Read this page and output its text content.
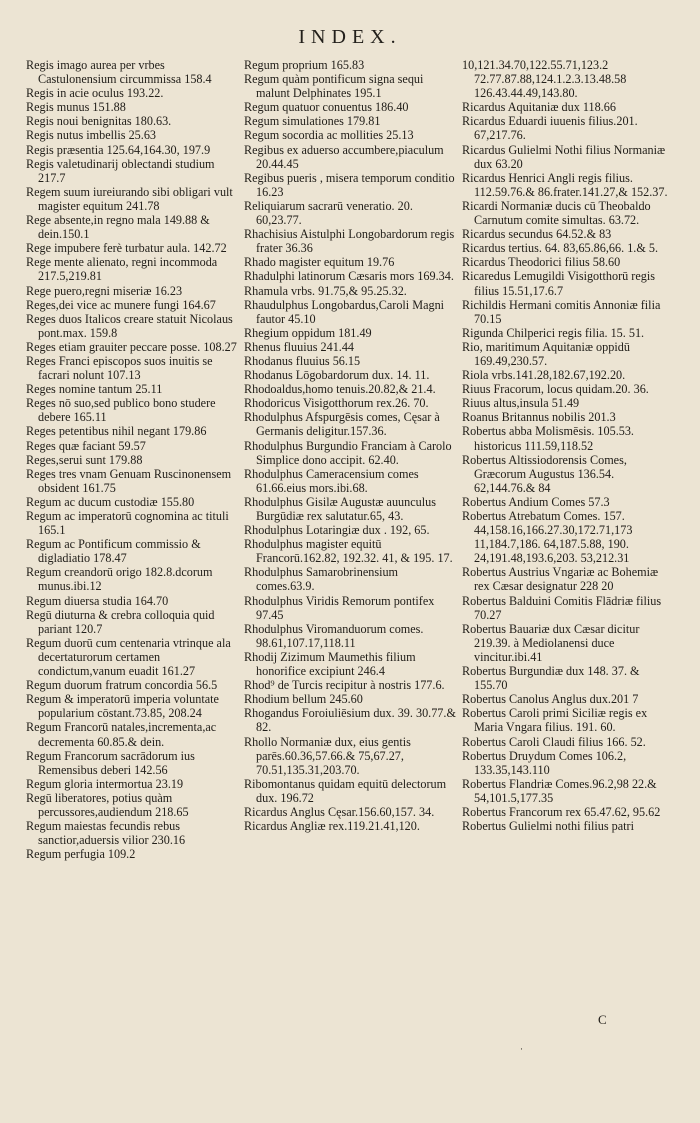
INDEX.

Regis imago aurea per vrbes Castulonensium circummissa 158.4

Regis in acie oculus 193.22.

Regis munus 151.88

Regis noui benignitas 180.63.

Regis nutus imbellis 25.63

Regis præsentia 125.64,164.30, 197.9

Regis valetudinarij oblectandi studium 217.7

Regem suum iureiurando sibi obligari vult magister equitum 241.78

Rege absente,in regno mala 149.88 & dein.150.1

Rege impubere ferè turbatur aula. 142.72

Rege mente alienato, regni incommoda 217.5,219.81

Rege puero,regni miseriæ 16.23

Reges,dei vice ac munere fungi 164.67

Reges duos Italicos creare statuit Nicolaus pont.max. 159.8

Reges etiam grauiter peccare posse. 108.27

Reges Franci episcopos suos inuitis se facrari nolunt 107.13

Reges nomine tantum 25.11

Reges nō suo,sed publico bono studere debere 165.11

Reges petentibus nihil negant 179.86

Reges quæ faciant 59.57

Reges,serui sunt 179.88

Reges tres vnam Genuam Ruscinonensem obsident 161.75

Regum ac ducum custodiæ 155.80

Regum ac imperatorū cognomina ac tituli 165.1

Regum ac Pontificum commissio & digladiatio 178.47

Regum creandorū origo 182.8.dcorum munus.ibi.12

Regum diuersa studia 164.70

Regū diuturna & crebra colloquia quid pariant 120.7

Regum duorū cum centenaria vtrinque ala decertaturorum certamen condictum,vanum euadit 161.27

Regum duorum fratrum concordia 56.5

Regum & imperatorū imperia voluntate popularium cōstant.73.85, 208.24

Regum Francorū natales,incrementa,ac decrementa 60.85.& dein.

Regum Francorum sacrādorum ius Remensibus deberi 142.56

Regum gloria intermortua 23.19

Regū liberatores, potius quàm percussores,audiendum 218.65

Regum maiestas fecundis rebus sanctior,aduersis vilior 230.16

Regum perfugia 109.2

Regum proprium 165.83

Regum quàm pontificum signa sequi malunt Delphinates 195.1

Regum quatuor conuentus 186.40

Regum simulationes 179.81

Regum socordia ac mollities 25.13

Regibus ex aduerso accumbere,piaculum 20.44.45

Regibus pueris , misera temporum conditio 16.23

Reliquiarum sacrarū veneratio. 20. 60,23.77.

Rhachisius Aistulphi Longobardorum regis frater 36.36

Rhado magister equitum 19.76

Rhadulphi latinorum Cæsaris mors 169.34.

Rhamula vrbs. 91.75,& 95.25.32.

Rhaudulphus Longobardus,Caroli Magni fautor 45.10

Rhegium oppidum 181.49

Rhenus fluuius 241.44

Rhodanus fluuius 56.15

Rhodanus Lōgobardorum dux. 14. 11.

Rhodoaldus,homo tenuis.20.82,& 21.4.

Rhodoricus Visigotthorum rex.26. 70.

Rhodulphus Afspurgēsis comes, Cęsar à Germanis deligitur.157.36.

Rhodulphus Burgundio Franciam à Carolo Simplice dono accipit. 62.40.

Rhodulphus Cameracensium comes 61.66.eius mors.ibi.68.

Rhodulphus Gisilæ Augustæ auunculus Burgūdiæ rex salutatur.65, 43.

Rhodulphus Lotaringiæ dux . 192, 65.

Rhodulphus magister equitū Francorū.162.82, 192.32. 41, & 195. 17.

Rhodulphus Samarobrinensium comes.63.9.

Rhodulphus Viridis Remorum pontifex 97.45

Rhodulphus Viromanduorum comes. 98.61,107.17,118.11

Rhodij Zizimum Maumethis filium honorifice excipiunt 246.4

Rhod⁹ de Turcis recipitur à nostris 177.6.

Rhodium bellum 245.60

Rhogandus Foroiuliēsium dux. 39. 30.77.& 82.

Rhollo Normaniæ dux, eius gentis parēs.60.36,57.66.& 75,67.27, 70.51,135.31,203.70.

Ribomontanus quidam equitū delectorum dux. 196.72

Ricardus Anglus Cęsar.156.60,157. 34.

Ricardus Angliæ rex.119.21.41,120.

10,121.34.70,122.55.71,123.2 72.77.87.88,124.1.2.3.13.48.58 126.43.44.49,143.80.

Ricardus Aquitaniæ dux 118.66

Ricardus Eduardi iuuenis filius.201. 67,217.76.

Ricardus Gulielmi Nothi filius Normaniæ dux 63.20

Ricardus Henrici Angli regis filius. 112.59.76.& 86.frater.141.27,& 152.37.

Ricardi Normaniæ ducis cū Theobaldo Carnutum comite simultas. 63.72.

Ricardus secundus 64.52.& 83

Ricardus tertius. 64. 83,65.86,66. 1.& 5.

Ricardus Theodorici filius 58.60

Ricaredus Lemugildi Visigotthorū regis filius 15.51,17.6.7

Richildis Hermani comitis Annoniæ filia 70.15

Rigunda Chilperici regis filia. 15. 51.

Rio, maritimum Aquitaniæ oppidū 169.49,230.57.

Riola vrbs.141.28,182.67,192.20.

Riuus Fracorum, locus quidam.20. 36.

Riuus altus,insula 51.49

Roanus Britannus nobilis 201.3

Robertus abba Molismēsis. 105.53. historicus 111.59,118.52

Robertus Altissiodorensis Comes, Græcorum Augustus 136.54. 62,144.76.& 84

Robertus Andium Comes 57.3

Robertus Atrebatum Comes. 157. 44,158.16,166.27.30,172.71,173 11,184.7,186. 64,187.5.88, 190. 24,191.48,193.6,203. 53,212.31

Robertus Austrius Vngariæ ac Bohemiæ rex Cæsar designatur 228 20

Robertus Balduini Comitis Flādriæ filius 70.27

Robertus Bauariæ dux Cæsar dicitur 219.39. à Mediolanensi duce vincitur.ibi.41

Robertus Burgundiæ dux 148. 37. & 155.70

Robertus Canolus Anglus dux.201 7

Robertus Caroli primi Siciliæ regis ex Maria Vngara filius. 191. 60.

Robertus Caroli Claudi filius 166. 52.

Robertus Druydum Comes 106.2, 133.35,143.110

Robertus Flandriæ Comes.96.2,98 22.& 54,101.5,177.35

Robertus Francorum rex 65.47.62, 95.62

Robertus Gulielmi nothi filius patri

C
·
